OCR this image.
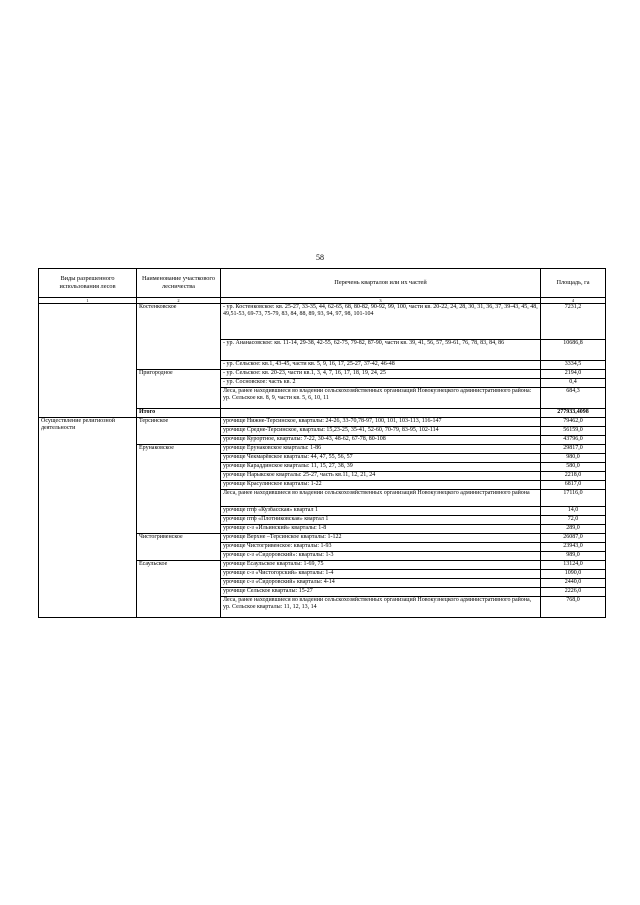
58
Виды разрешенного использования лесов	Наименование участкового лесничества	Перечень кварталов или их частей	Площадь, га
1	2	3	4
	Костенковское	- ур. Костенковское: кв. 25-27, 33-35, 44, 62-65, 68, 80-82, 90-92, 99, 100, части кв. 20-22, 24, 28, 30, 31, 36, 37, 39-43, 45, 48, 49,51-53, 69-73, 75-79, 83, 84, 88, 89, 93, 94, 97, 98, 101-104	7231,2
		- ур. Ананасовское: кв. 11-14, 29-38, 42-55, 62-75, 79-82, 87-90, части кв. 39, 41, 56, 57, 59-61, 76, 78, 83, 84, 86	10686,8
		- ур. Сельское: кв.1, 43-45, части кв. 5, 9, 16, 17, 25-27, 37-42, 46-48	3334,5
	Пригородное	- ур. Сельское: кв. 20-23, части кв.1, 3, 4, 7, 16, 17, 18, 19, 24, 25	2194,0
		- ур. Сосновское: часть кв. 2	0,4
		Леса, ранее находившиеся во владении сельскохозяйственных организаций Новокузнецкого административного района: ур. Сельское кв. 8, 9, части кв. 5, 6, 10, 11	684,3
	Итого		277933,4098
Осуществление религиозной деятельности	Терсинское	урочище Нижне-Терсинское, кварталы: 24-26, 33-70,78-97, 100, 101, 103-113, 116-147	79462,0
		урочище Средне-Терсинское, кварталы: 15,23-25, 35-41, 52-60, 70-79, 83-95, 102-114	56159,0
		урочище Курортное, кварталы: 7-22, 30-43, 48-62, 67-78, 80-108	43796,0
	Ерунаковское	урочище Ерунаковское кварталы: 1-86	29817,0
		урочище Чекмарёвское кварталы: 44, 47, 55, 56, 57	980,0
		урочище Караддинское кварталы: 11, 15, 27, 38, 39	580,0
		урочище Нарыкское кварталы: 25-27, часть кв.11, 12, 21, 24	2218,0
		урочище Красулинское кварталы: 1-22	6817,0
		Леса, ранее находившиеся во владении сельскохозяйственных организаций Новокузнецкого административного района	17116,0
		урочище птф «Кузбасская» квартал 1	14,0
		урочище птф «Плотниковская» квартал 1	72,0
		урочище с-з «Ильинский» кварталы: 1-8	289,0
	Чистогривенское	урочище Верхне –Терсинское кварталы: 1-122	26087,0
		урочище Чистогривенское: кварталы: 1-93	23943,0
		урочище с-з «Сидоровский»: кварталы: 1-3	989,0
	Есаульское	урочище Есаульское кварталы: 1-69, 75	13124,0
		урочище с-з «Чистогорский» кварталы: 1-4	1090,0
		урочище с-з «Сидоровский» кварталы: 4-14	2440,0
		урочище Сельское кварталы: 15-27	2226,0
		Леса, ранее находившиеся во владении сельскохозяйственных организаций Новокузнецкого административного района, ур. Сельское кварталы: 11, 12, 13, 14	768,0
